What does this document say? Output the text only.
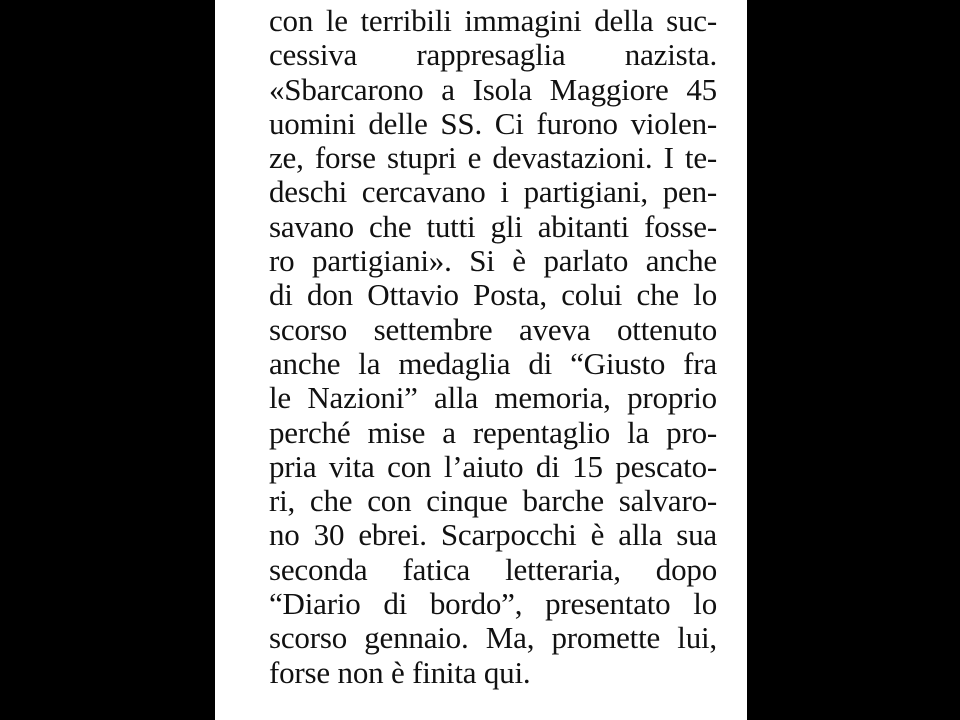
con le terribili immagini della suc-
cessiva rappresaglia nazista.
«Sbarcarono a Isola Maggiore 45
uomini delle SS. Ci furono violen-
ze, forse stupri e devastazioni. I te-
deschi cercavano i partigiani, pen-
savano che tutti gli abitanti fosse-
ro partigiani». Si è parlato anche
di don Ottavio Posta, colui che lo
scorso settembre aveva ottenuto
anche la medaglia di “Giusto fra
le Nazioni” alla memoria, proprio
perché mise a repentaglio la pro-
pria vita con l’aiuto di 15 pescato-
ri, che con cinque barche salvaro-
no 30 ebrei. Scarpocchi è alla sua
seconda fatica letteraria, dopo
“Diario di bordo”, presentato lo
scorso gennaio. Ma, promette lui,
forse non è finita qui.
